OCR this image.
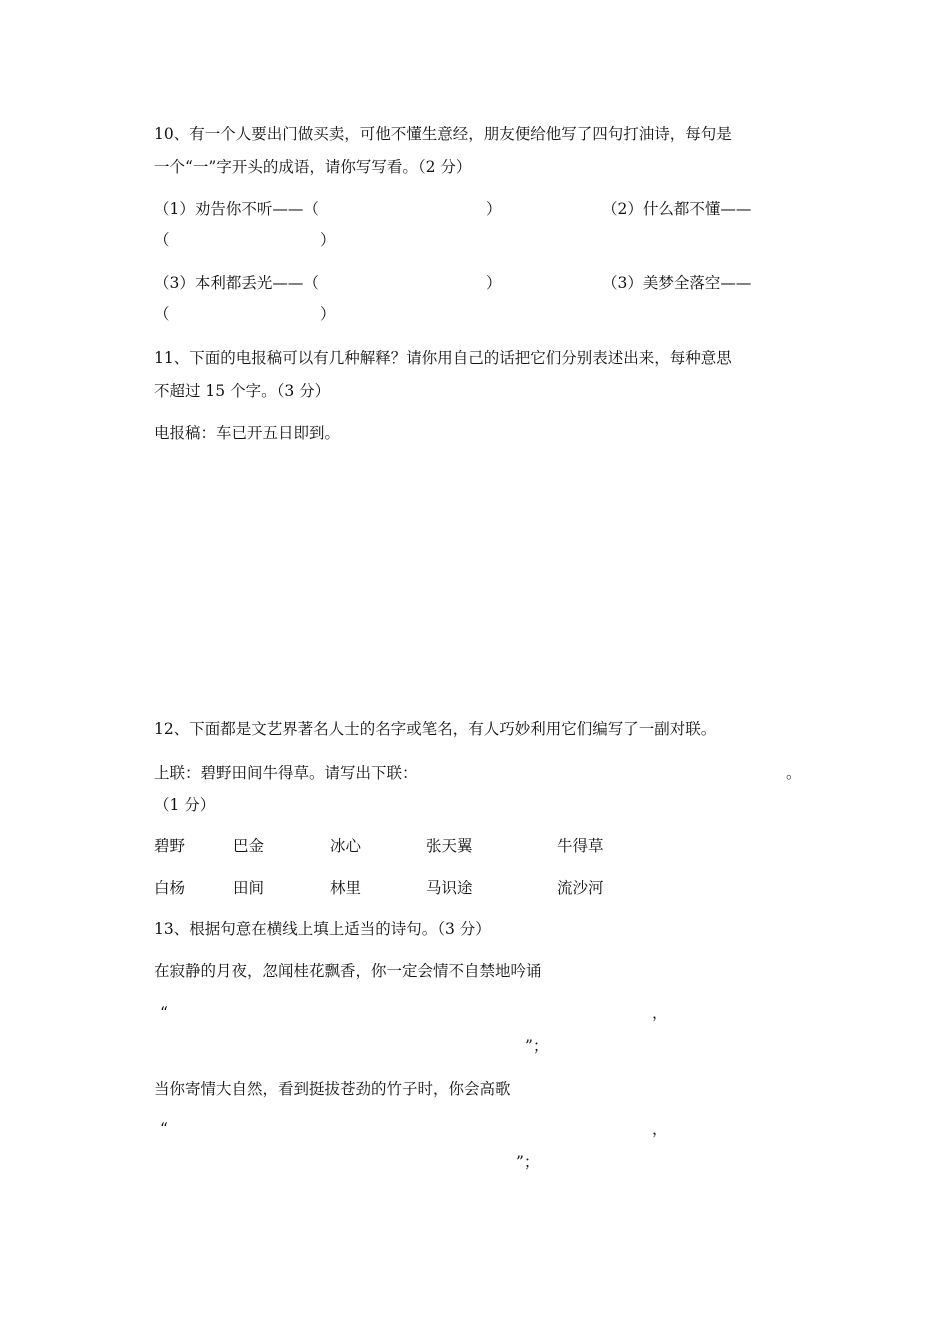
10、有一个人要出门做买卖，可他不懂生意经，朋友便给他写了四句打油诗，每句是
一个“一”字开头的成语，请你写写看。（2 分）
（1）劝告你不听——（	）	（2）什么都不懂——
（	）
（3）本利都丢光——（	）	（3）美梦全落空——
（	）
11、下面的电报稿可以有几种解释？请你用自己的话把它们分别表述出来，每种意思
不超过 15 个字。（3 分）
电报稿：车已开五日即到。
12、下面都是文艺界著名人士的名字或笔名，有人巧妙利用它们编写了一副对联。
上联：碧野田间牛得草。请写出下联：	。
（1 分）
碧野	巴金	冰心	张天翼	牛得草
白杨	田间	林里	马识途	流沙河
13、根据句意在横线上填上适当的诗句。（3 分）
在寂静的月夜，忽闻桂花飘香，你一定会情不自禁地吟诵
“	，
”；
当你寄情大自然，看到挺拔苍劲的竹子时，你会高歌
“	，
”；
